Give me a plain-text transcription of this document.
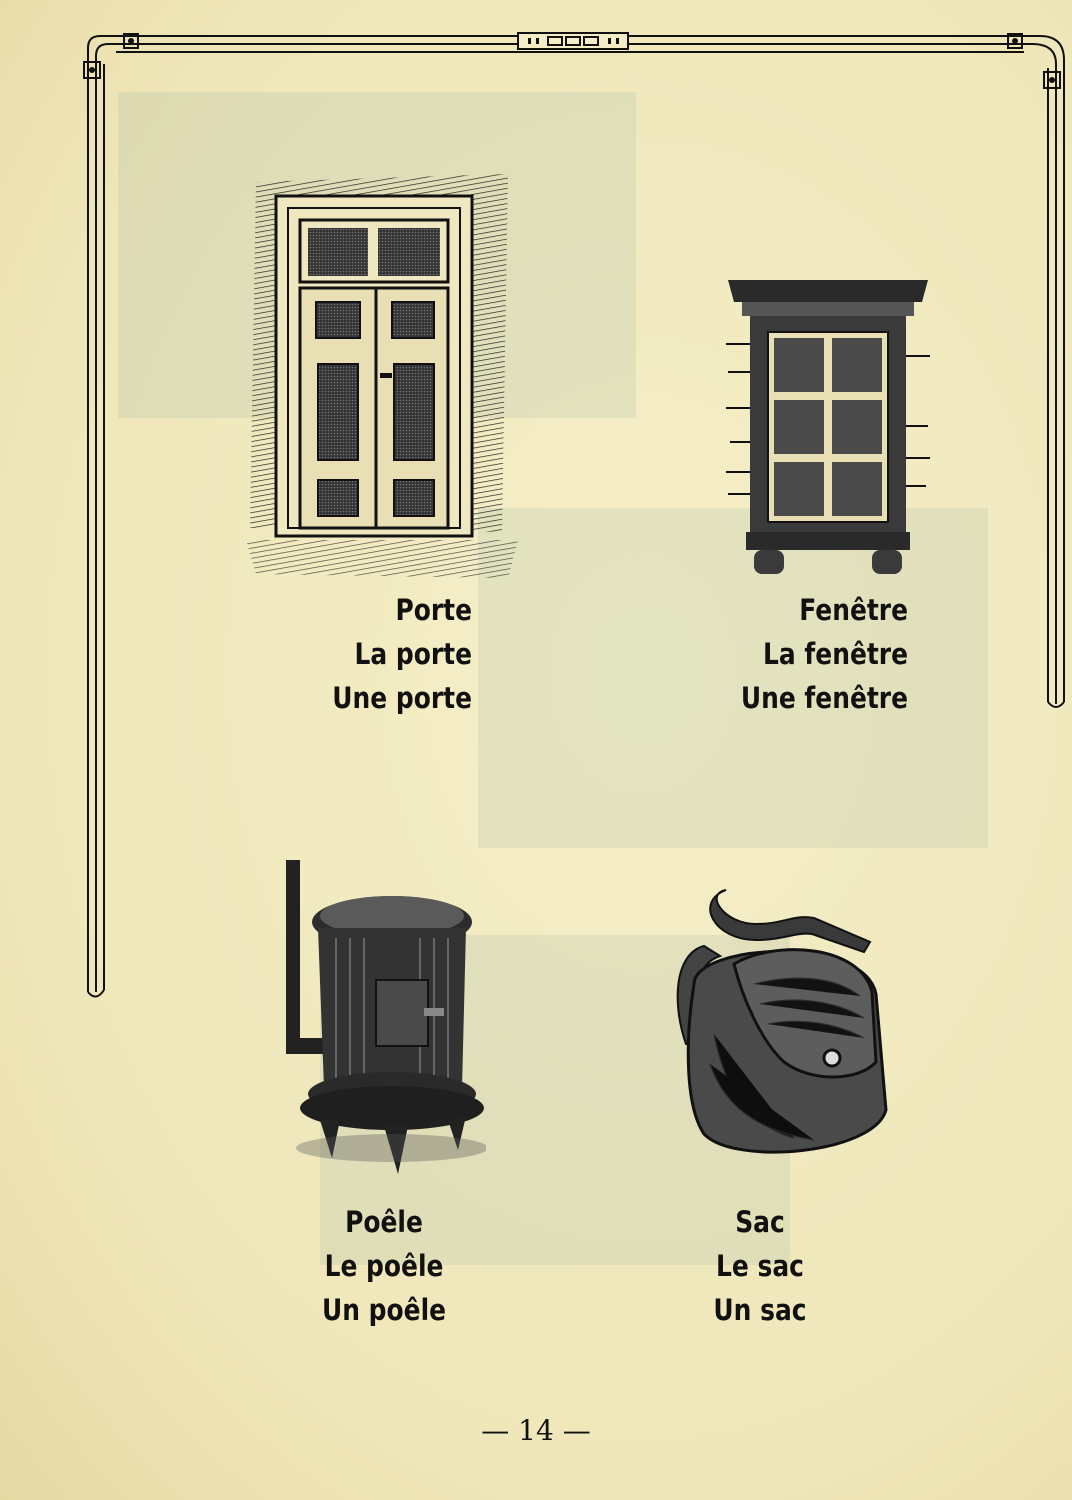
Porte
La porte
Une porte
Fenêtre
La fenêtre
Une fenêtre
Poêle
Le poêle
Un poêle
Sac
Le sac
Un sac
— 14 —
